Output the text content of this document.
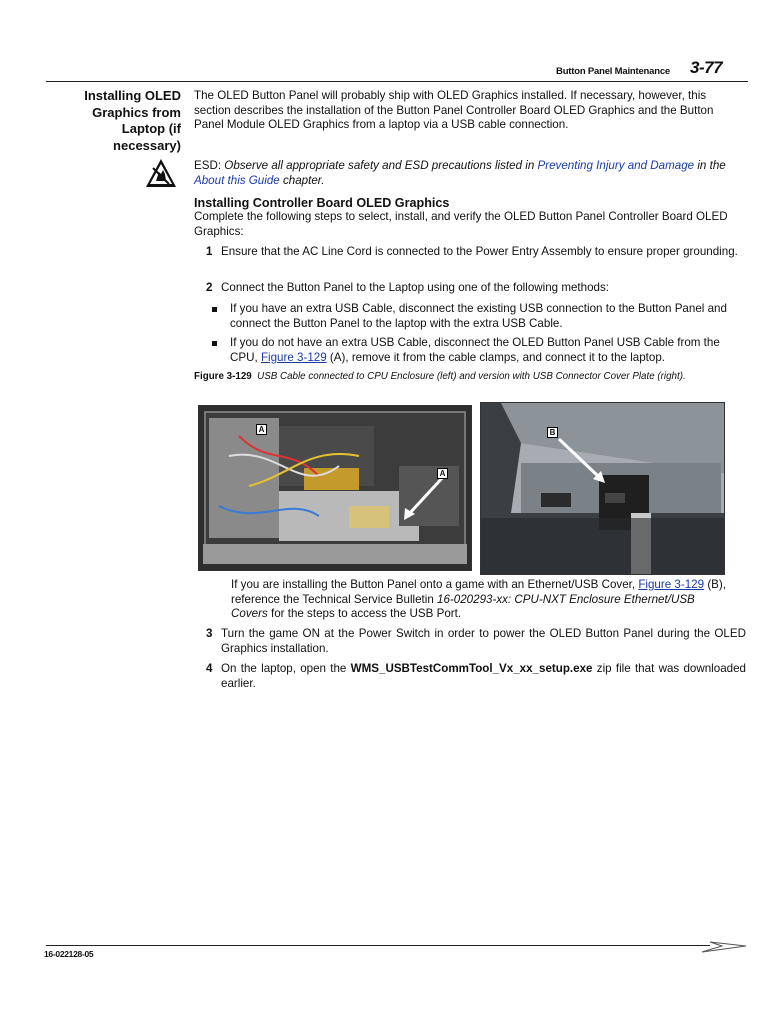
Button Panel Maintenance 3-77
Installing OLED Graphics from Laptop (if necessary)
The OLED Button Panel will probably ship with OLED Graphics installed. If necessary, however, this section describes the installation of the Button Panel Controller Board OLED Graphics and the Button Panel Module OLED Graphics from a laptop via a USB cable connection.
ESD: Observe all appropriate safety and ESD precautions listed in Preventing Injury and Damage in the About this Guide chapter.
Installing Controller Board OLED Graphics
Complete the following steps to select, install, and verify the OLED Button Panel Controller Board OLED Graphics:
1 Ensure that the AC Line Cord is connected to the Power Entry Assembly to ensure proper grounding.
2 Connect the Button Panel to the Laptop using one of the following methods:
If you have an extra USB Cable, disconnect the existing USB connection to the Button Panel and connect the Button Panel to the laptop with the extra USB Cable.
If you do not have an extra USB Cable, disconnect the OLED Button Panel USB Cable from the CPU, Figure 3-129 (A), remove it from the cable clamps, and connect it to the laptop.
Figure 3-129 USB Cable connected to CPU Enclosure (left) and version with USB Connector Cover Plate (right).
A
A
B
If you are installing the Button Panel onto a game with an Ethernet/USB Cover, Figure 3-129 (B), reference the Technical Service Bulletin 16-020293-xx: CPU-NXT Enclosure Ethernet/USB Covers for the steps to access the USB Port.
3 Turn the game ON at the Power Switch in order to power the OLED Button Panel during the OLED Graphics installation.
4 On the laptop, open the WMS_USBTestCommTool_Vx_xx_setup.exe zip file that was downloaded earlier.
16-022128-05
